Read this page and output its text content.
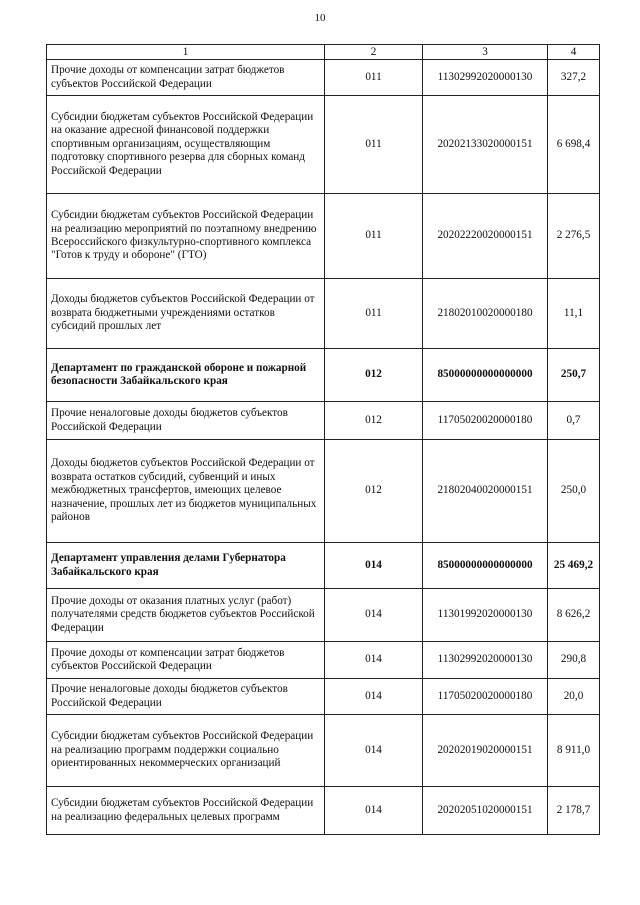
10
1	2	3	4
Прочие доходы от компенсации затрат бюджетов субъектов Российской Федерации	011	11302992020000130	327,2
Субсидии бюджетам субъектов Российской Федерации на оказание адресной финансовой поддержки спортивным организациям, осуществляющим подготовку спортивного резерва для сборных команд Российской Федерации	011	20202133020000151	6 698,4
Субсидии бюджетам субъектов Российской Федерации на реализацию мероприятий по поэтапному внедрению Всероссийского физкультурно-спортивного комплекса "Готов к труду и обороне" (ГТО)	011	20202220020000151	2 276,5
Доходы бюджетов субъектов Российской Федерации от возврата бюджетными учреждениями остатков субсидий прошлых лет	011	21802010020000180	11,1
Департамент по гражданской обороне и пожарной безопасности Забайкальского края	012	85000000000000000	250,7
Прочие неналоговые доходы бюджетов субъектов Российской Федерации	012	11705020020000180	0,7
Доходы бюджетов субъектов Российской Федерации от возврата остатков субсидий, субвенций и иных межбюджетных трансфертов, имеющих целевое назначение, прошлых лет из бюджетов муниципальных районов	012	21802040020000151	250,0
Департамент управления делами Губернатора Забайкальского края	014	85000000000000000	25 469,2
Прочие доходы от оказания платных услуг (работ) получателями средств бюджетов субъектов Российской Федерации	014	11301992020000130	8 626,2
Прочие доходы от компенсации затрат бюджетов субъектов Российской Федерации	014	11302992020000130	290,8
Прочие неналоговые доходы бюджетов субъектов Российской Федерации	014	11705020020000180	20,0
Субсидии бюджетам субъектов Российской Федерации на реализацию программ поддержки социально ориентированных некоммерческих организаций	014	20202019020000151	8 911,0
Субсидии бюджетам субъектов Российской Федерации на реализацию федеральных целевых программ	014	20202051020000151	2 178,7
